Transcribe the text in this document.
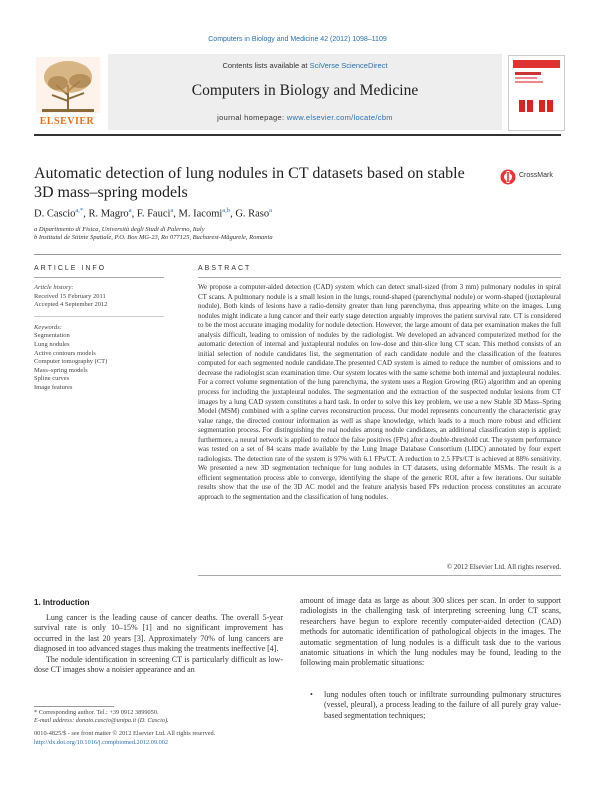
Computers in Biology and Medicine 42 (2012) 1098–1109
Contents lists available at SciVerse ScienceDirect
Computers in Biology and Medicine
journal homepage: www.elsevier.com/locate/cbm
ELSEVIER
Automatic detection of lung nodules in CT datasets based on stable 3D mass–spring models
CrossMark
D. Cascio$^{a,*}$, R. Magro$^a$, F. Fauci$^a$, M. Iacomi$^{a,b}$, G. Raso$^a$
a Dipartimento di Fisica, Università degli Studi di Palermo, Italy
b Institutul de Stiinte Spatiale, P.O. Box MG-23, Ro 077125, Bucharest-Măgurele, Romania
ARTICLE INFO	ABSTRACT
Article history:
Received 15 February 2011
Accepted 4 September 2012
Keywords:
Segmentation
Lung nodules
Active contours models
Computer tomography (CT)
Mass–spring models
Spline curves
Image features
We propose a computer-aided detection (CAD) system which can detect small-sized (from 3 mm) pulmonary nodules in spiral CT scans. A pulmonary nodule is a small lesion in the lungs, round-shaped (parenchymal nodule) or worm-shaped (juxtapleural nodule). Both kinds of lesions have a radio-density greater than lung parenchyma, thus appearing white on the images. Lung nodules might indicate a lung cancer and their early stage detection arguably improves the patient survival rate. CT is considered to be the most accurate imaging modality for nodule detection. However, the large amount of data per examination makes the full analysis difficult, leading to omission of nodules by the radiologist. We developed an advanced computerized method for the automatic detection of internal and juxtapleural nodules on low-dose and thin-slice lung CT scan. This method consists of an initial selection of nodule candidates list, the segmentation of each candidate nodule and the classification of the features computed for each segmented nodule candidate.The presented CAD system is aimed to reduce the number of omissions and to decrease the radiologist scan examination time. Our system locates with the same scheme both internal and juxtapleural nodules. For a correct volume segmentation of the lung parenchyma, the system uses a Region Growing (RG) algorithm and an opening process for including the juxtapleural nodules. The segmentation and the extraction of the suspected nodular lesions from CT images by a lung CAD system constitutes a hard task. In order to solve this key problem, we use a new Stable 3D Mass–Spring Model (MSM) combined with a spline curves reconstruction process. Our model represents concurrently the characteristic gray value range, the directed contour information as well as shape knowledge, which leads to a much more robust and efficient segmentation process. For distinguishing the real nodules among nodule candidates, an additional classification step is applied; furthermore, a neural network is applied to reduce the false positives (FPs) after a double-threshold cut. The system performance was tested on a set of 84 scans made available by the Lung Image Database Consortium (LIDC) annotated by four expert radiologists. The detection rate of the system is 97% with 6.1 FPs/CT. A reduction to 2.5 FPs/CT is achieved at 88% sensitivity. We presented a new 3D segmentation technique for lung nodules in CT datasets, using deformable MSMs. The result is a efficient segmentation process able to converge, identifying the shape of the generic ROI, after a few iterations. Our suitable results show that the use of the 3D AC model and the feature analysis based FPs reduction process constitutes an accurate approach to the segmentation and the classification of lung nodules.
© 2012 Elsevier Ltd. All rights reserved.
1. Introduction

Lung cancer is the leading cause of cancer deaths. The overall 5-year survival rate is only 10–15% [1] and no significant improvement has occurred in the last 20 years [3]. Approximately 70% of lung cancers are diagnosed in too advanced stages thus making the treatments ineffective [4].

The nodule identification in screening CT is particularly difficult as low-dose CT images show a noisier appearance and an

amount of image data as large as about 300 slices per scan. In order to support radiologists in the challenging task of interpreting screening lung CT scans, researchers have begun to explore recently computer-aided detection (CAD) methods for automatic identification of pathological objects in the images. The automatic segmentation of lung nodules is a difficult task due to the various anatomic situations in which the lung nodules may be found, leading to the following main problematic situations:

• lung nodules often touch or infiltrate surrounding pulmonary structures (vessel, pleural), a process leading to the failure of all purely gray value-based segmentation techniques;
* Corresponding author. Tel.: +39 0912 3899050.
E-mail address: donato.cascio@unipa.it (D. Cascio).
0010-4825/$ - see front matter © 2012 Elsevier Ltd. All rights reserved.
http://dx.doi.org/10.1016/j.compbiomed.2012.09.002
